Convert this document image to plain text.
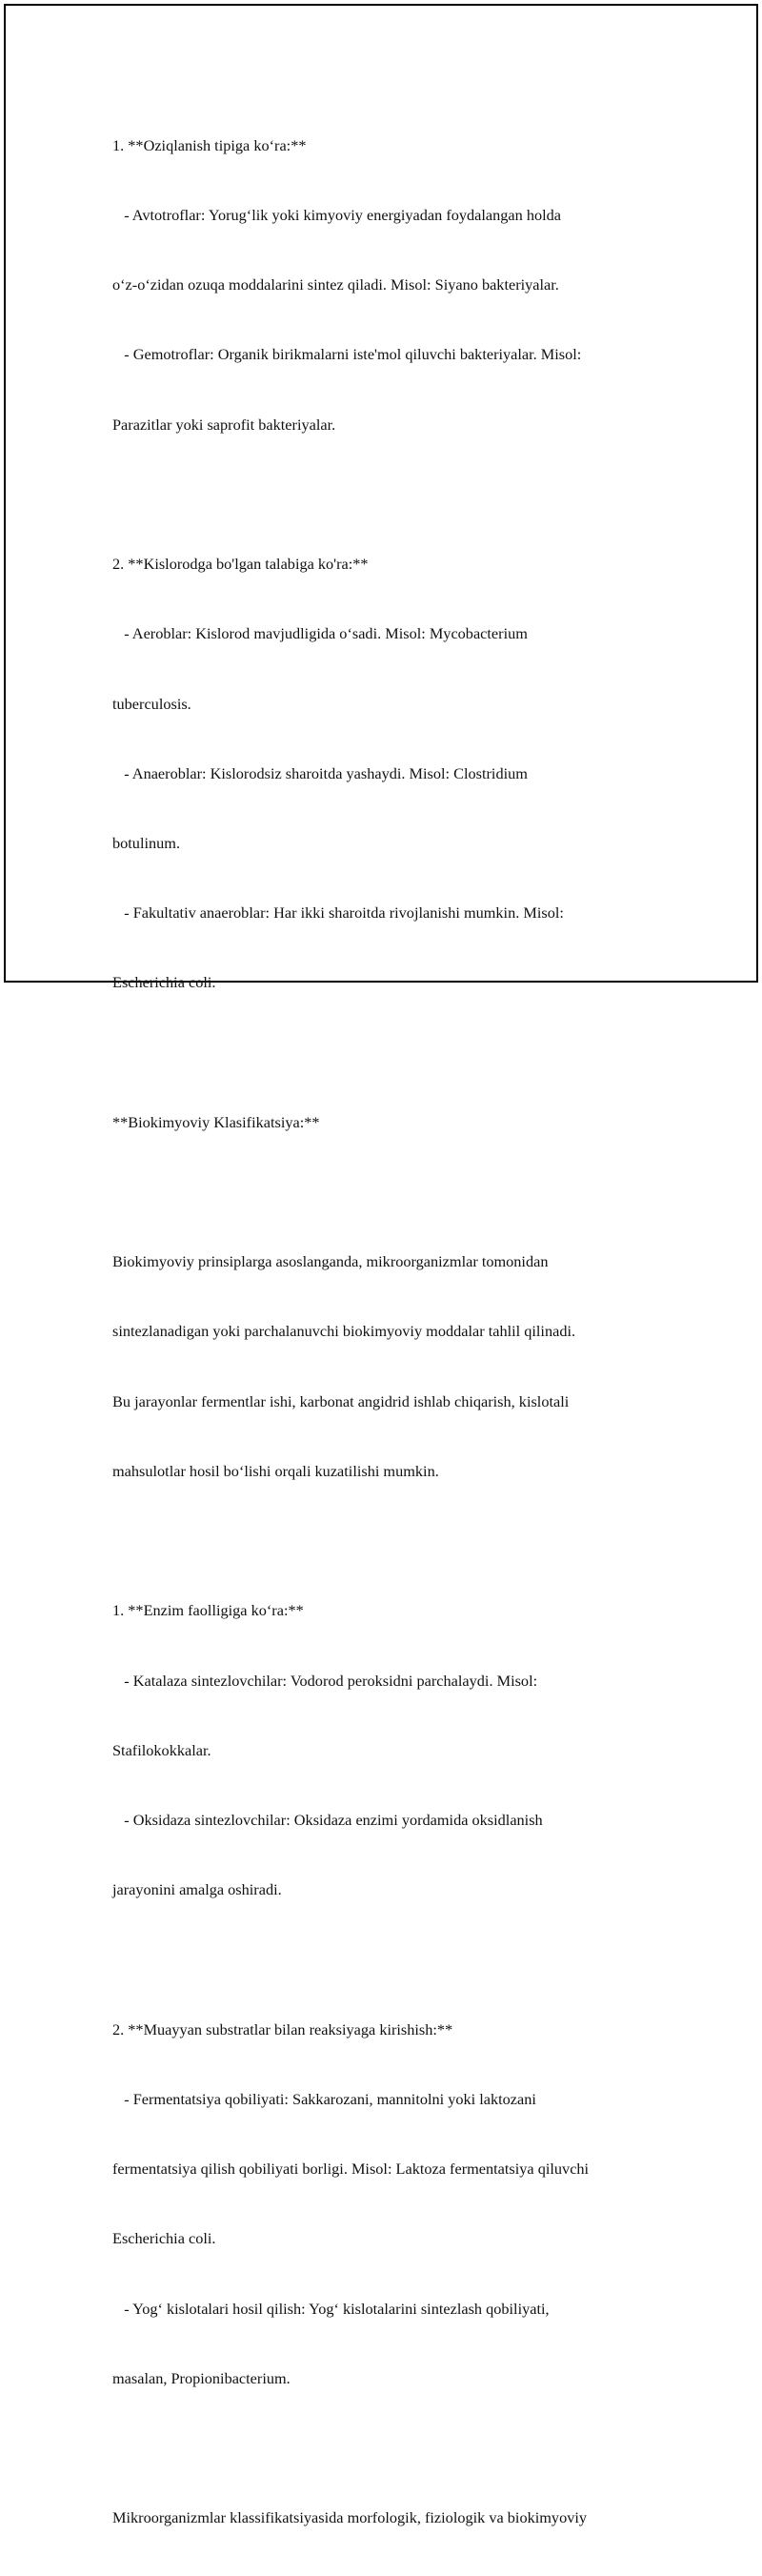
1. **Oziqlanish tipiga ko‘ra:**

- Avtotroflar: Yorug‘lik yoki kimyoviy energiyadan foydalangan holda

o‘z-o‘zidan ozuqa moddalarini sintez qiladi. Misol: Siyano bakteriyalar.

- Gemotroflar: Organik birikmalarni iste'mol qiluvchi bakteriyalar. Misol:

Parazitlar yoki saprofit bakteriyalar.

2. **Kislorodga bo'lgan talabiga ko'ra:**

- Aeroblar: Kislorod mavjudligida o‘sadi. Misol: Mycobacterium

tuberculosis.

- Anaeroblar: Kislorodsiz sharoitda yashaydi. Misol: Clostridium

botulinum.

- Fakultativ anaeroblar: Har ikki sharoitda rivojlanishi mumkin. Misol:

Escherichia coli.

**Biokimyoviy Klasifikatsiya:**

Biokimyoviy prinsiplarga asoslanganda, mikroorganizmlar tomonidan

sintezlanadigan yoki parchalanuvchi biokimyoviy moddalar tahlil qilinadi.

Bu jarayonlar fermentlar ishi, karbonat angidrid ishlab chiqarish, kislotali

mahsulotlar hosil bo‘lishi orqali kuzatilishi mumkin.

1. **Enzim faolligiga ko‘ra:**

- Katalaza sintezlovchilar: Vodorod peroksidni parchalaydi. Misol:

Stafilokokkalar.

- Oksidaza sintezlovchilar: Oksidaza enzimi yordamida oksidlanish

jarayonini amalga oshiradi.

2. **Muayyan substratlar bilan reaksiyaga kirishish:**

- Fermentatsiya qobiliyati: Sakkarozani, mannitolni yoki laktozani

fermentatsiya qilish qobiliyati borligi. Misol: Laktoza fermentatsiya qiluvchi

Escherichia coli.

- Yog‘ kislotalari hosil qilish: Yog‘ kislotalarini sintezlash qobiliyati,

masalan, Propionibacterium.

Mikroorganizmlar klassifikatsiyasida morfologik, fiziologik va biokimyoviy
